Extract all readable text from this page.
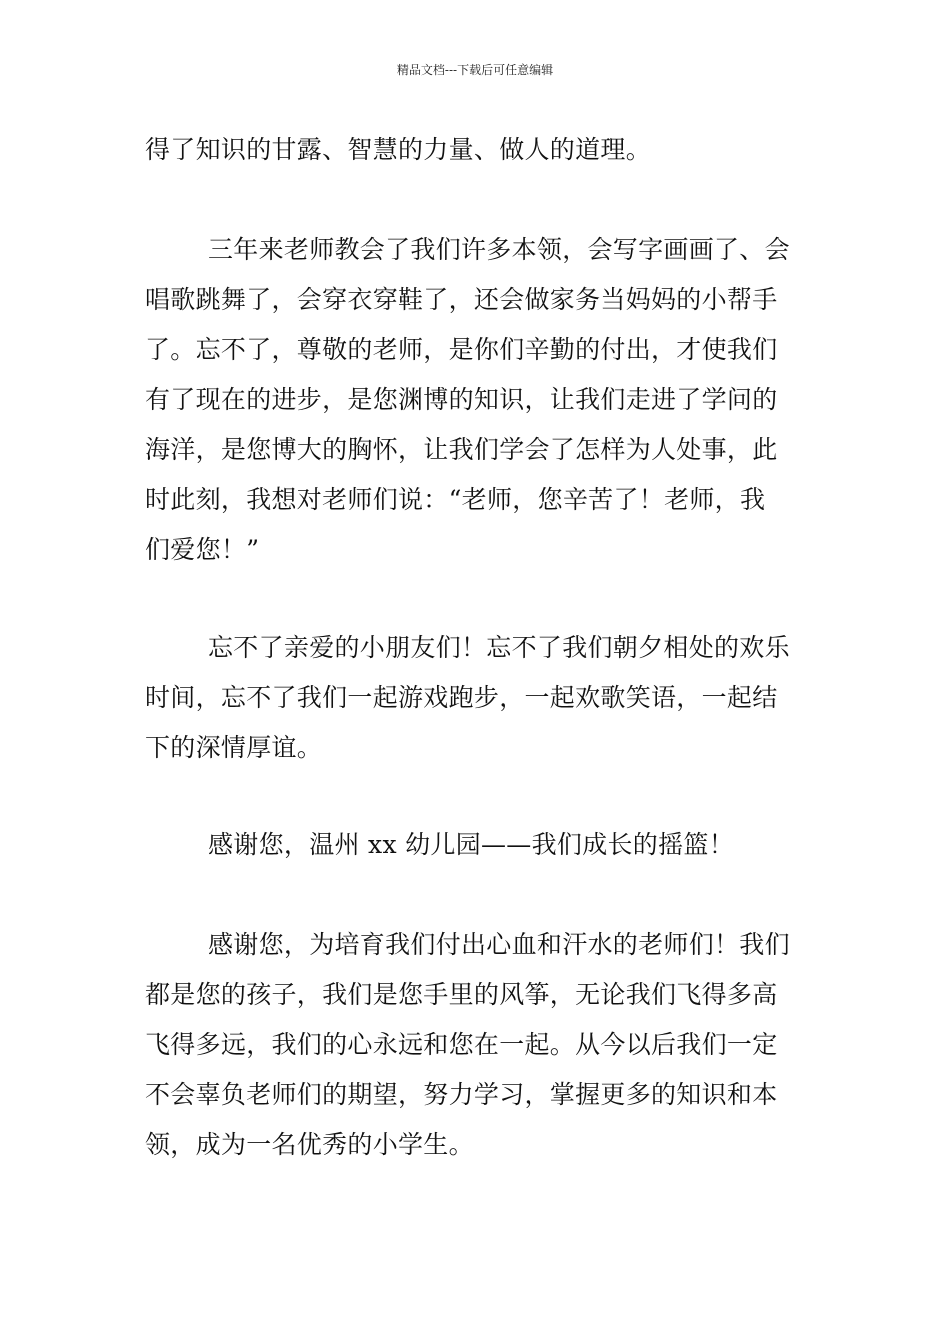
精品文档---下载后可任意编辑
得了知识的甘露、智慧的力量、做人的道理。
三年来老师教会了我们许多本领，会写字画画了、会
唱歌跳舞了，会穿衣穿鞋了，还会做家务当妈妈的小帮手
了。忘不了，尊敬的老师，是你们辛勤的付出，才使我们
有了现在的进步，是您渊博的知识，让我们走进了学问的
海洋，是您博大的胸怀，让我们学会了怎样为人处事，此
时此刻，我想对老师们说：“老师，您辛苦了！老师，我
们爱您！”
忘不了亲爱的小朋友们！忘不了我们朝夕相处的欢乐
时间，忘不了我们一起游戏跑步，一起欢歌笑语，一起结
下的深情厚谊。
感谢您，温州 xx 幼儿园——我们成长的摇篮！
感谢您，为培育我们付出心血和汗水的老师们！我们
都是您的孩子，我们是您手里的风筝，无论我们飞得多高
飞得多远，我们的心永远和您在一起。从今以后我们一定
不会辜负老师们的期望，努力学习，掌握更多的知识和本
领，成为一名优秀的小学生。
